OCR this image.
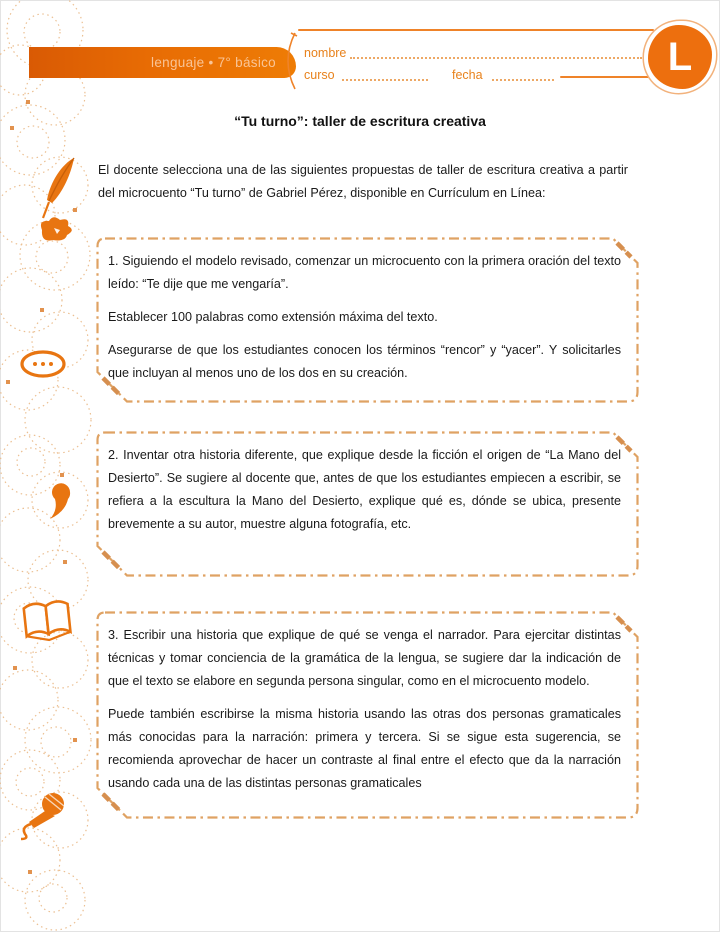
lenguaje • 7° básico
nombre
curso	fecha	L
“Tu turno”: taller de escritura creativa
El docente selecciona una de las siguientes propuestas de taller de escritura creativa a partir del microcuento “Tu turno” de Gabriel Pérez, disponible en Currículum en Línea:

1. Siguiendo el modelo revisado, comenzar un microcuento con la primera oración del texto leído: “Te dije que me vengaría”.

Establecer 100 palabras como extensión máxima del texto.

Asegurarse de que los estudiantes conocen los términos “rencor” y “yacer”. Y solicitarles que incluyan al menos uno de los dos en su creación.

2. Inventar otra historia diferente, que explique desde la ficción el origen de “La Mano del Desierto”. Se sugiere al docente que, antes de que los estudiantes empiecen a escribir, se refiera a la escultura la Mano del Desierto, explique qué es, dónde se ubica, presente brevemente a su autor, muestre alguna fotografía, etc.

3. Escribir una historia que explique de qué se venga el narrador. Para ejercitar distintas técnicas y tomar conciencia de la gramática de la lengua, se sugiere dar la indicación de que el texto se elabore en segunda persona singular, como en el microcuento modelo.

Puede también escribirse la misma historia usando las otras dos personas gramaticales más conocidas para la narración: primera y tercera. Si se sigue esta sugerencia, se recomienda aprovechar de hacer un contraste al final entre el efecto que da la narración usando cada una de las distintas personas gramaticales
